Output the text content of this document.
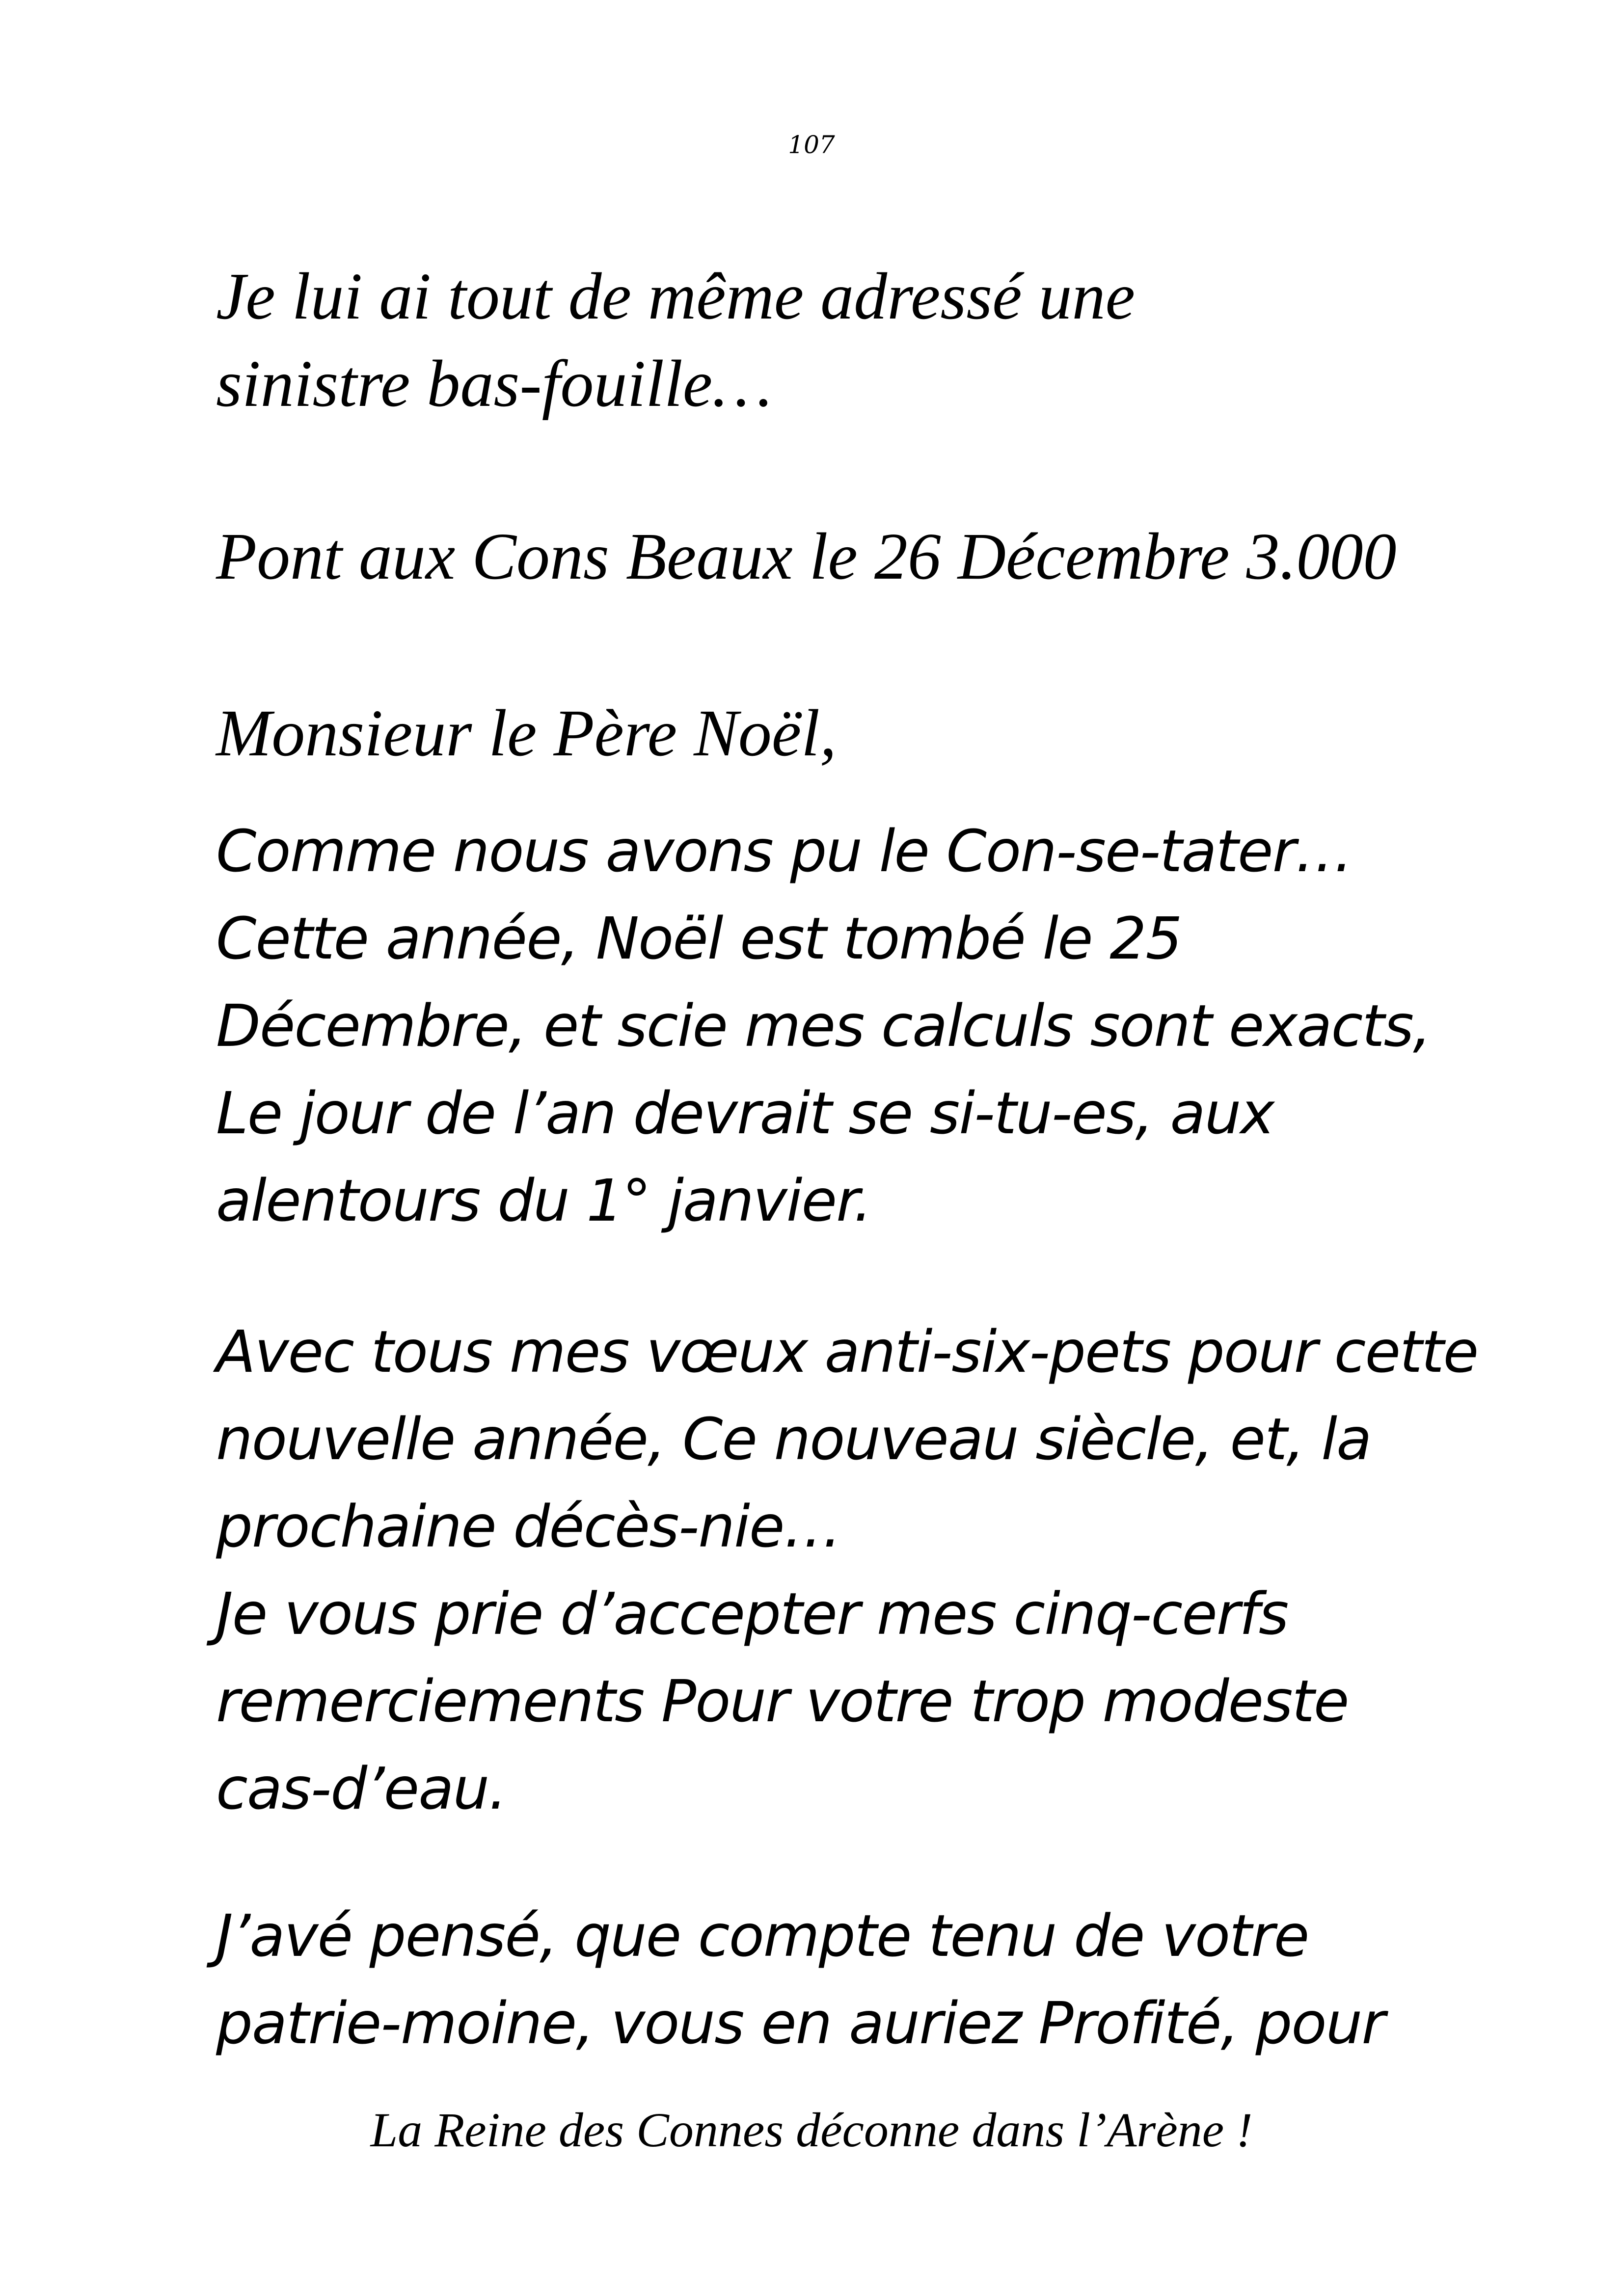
107
Je lui ai tout de même adressé une
sinistre bas-fouille…
Pont aux Cons Beaux le 26 Décembre 3.000
Monsieur le Père Noël,
Comme nous avons pu le Con-se-tater…
Cette année, Noël est tombé le 25
Décembre, et scie mes calculs sont exacts,
Le jour de l’an devrait se si-tu-es, aux
alentours du 1° janvier.
Avec tous mes vœux anti-six-pets pour cette
nouvelle année, Ce nouveau siècle, et, la
prochaine décès-nie…
Je vous prie d’accepter mes cinq-cerfs
remerciements Pour votre trop modeste
cas-d’eau.
J’avé pensé, que compte tenu de votre
patrie-moine, vous en auriez Profité, pour
La Reine des Connes déconne dans l’Arène !
